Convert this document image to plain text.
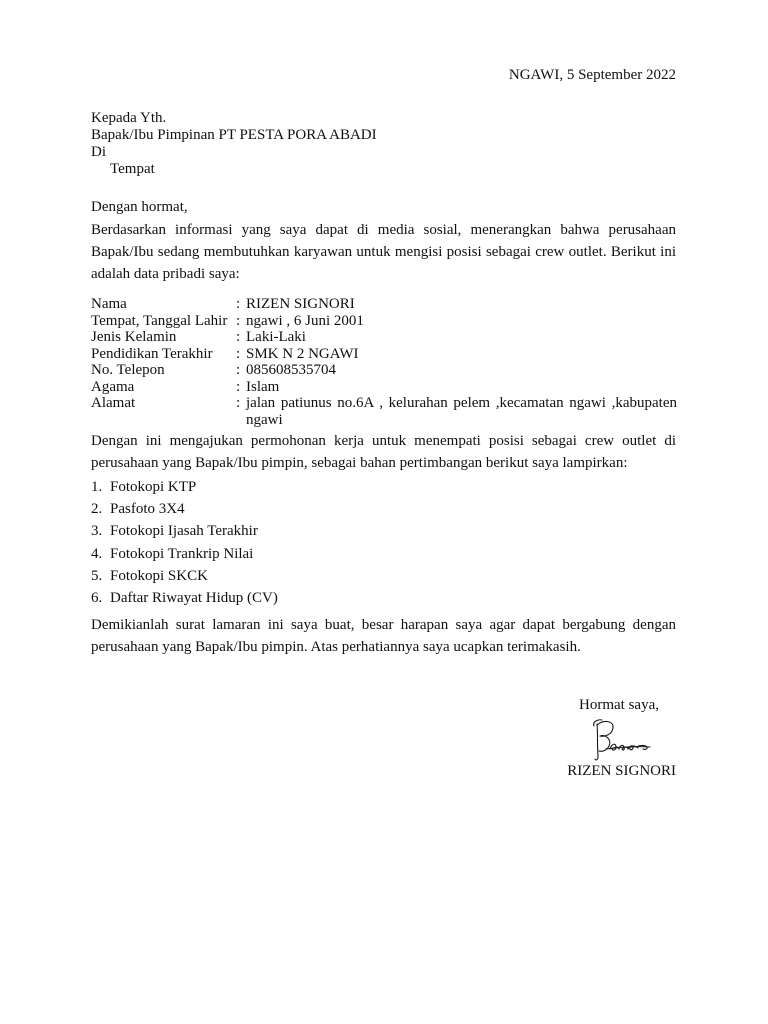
NGAWI, 5 September 2022
Kepada Yth.
Bapak/Ibu Pimpinan PT PESTA PORA ABADI
Di
Tempat
Dengan hormat,
Berdasarkan informasi yang saya dapat di media sosial, menerangkan bahwa perusahaan Bapak/Ibu sedang membutuhkan karyawan untuk mengisi posisi sebagai crew outlet. Berikut ini adalah data pribadi saya:
Nama	: RIZEN SIGNORI
Tempat, Tanggal Lahir : ngawi , 6 Juni 2001
Jenis Kelamin	: Laki-Laki
Pendidikan Terakhir	: SMK N 2 NGAWI
No. Telepon	: 085608535704
Agama	: Islam
Alamat	: jalan patiunus no.6A , kelurahan pelem ,kecamatan ngawi ,kabupaten ngawi
Dengan ini mengajukan permohonan kerja untuk menempati posisi sebagai crew outlet di perusahaan yang Bapak/Ibu pimpin, sebagai bahan pertimbangan berikut saya lampirkan:
1. Fotokopi KTP
2. Pasfoto 3X4
3. Fotokopi Ijasah Terakhir
4. Fotokopi Trankrip Nilai
5. Fotokopi SKCK
6. Daftar Riwayat Hidup (CV)
Demikianlah surat lamaran ini saya buat, besar harapan saya agar dapat bergabung dengan perusahaan yang Bapak/Ibu pimpin. Atas perhatiannya saya ucapkan terimakasih.
Hormat saya,
RIZEN SIGNORI
